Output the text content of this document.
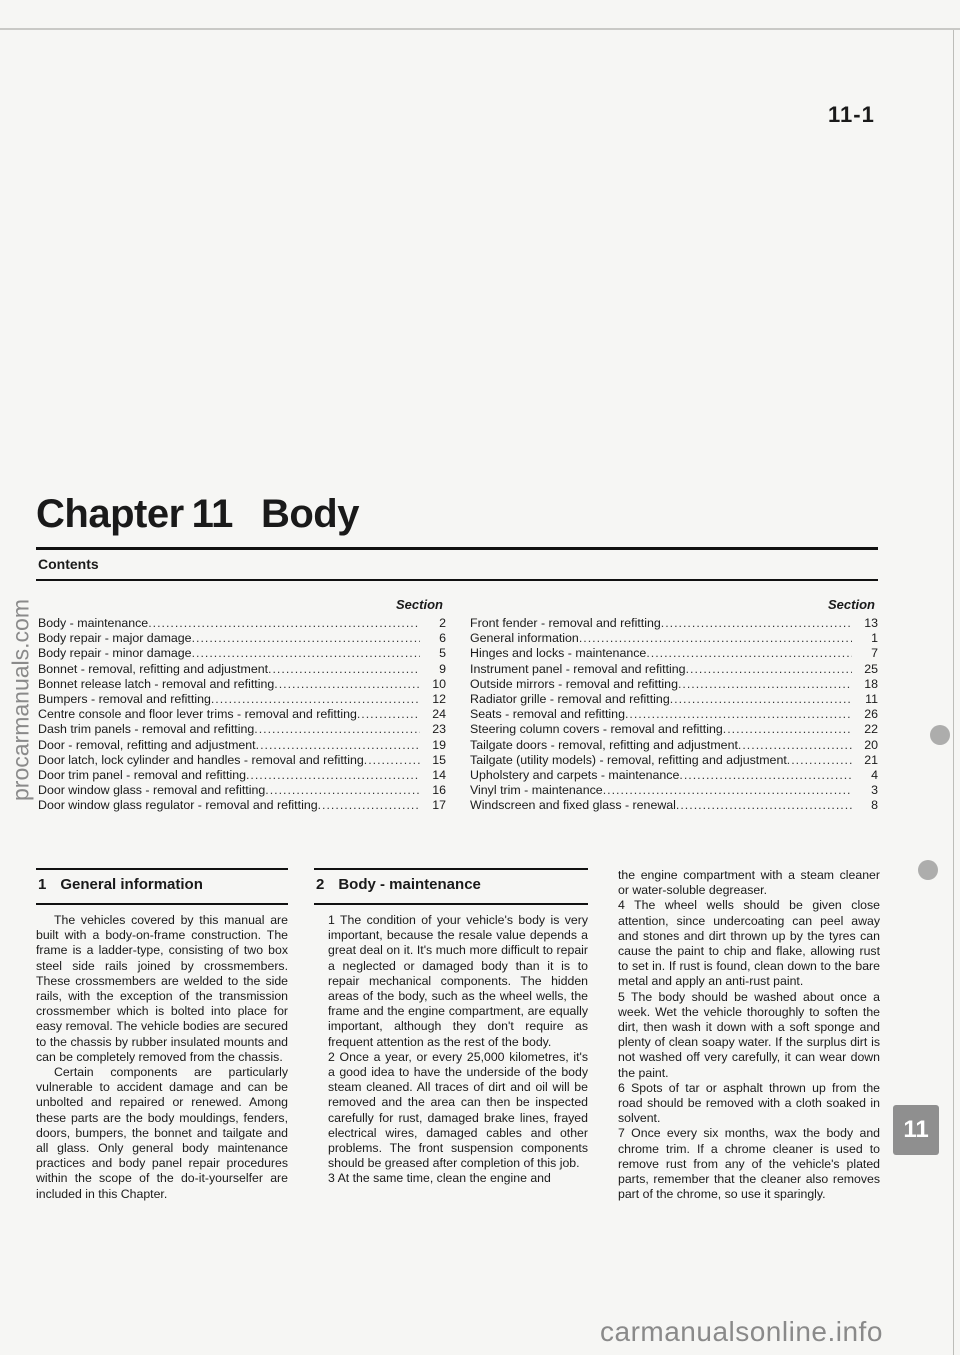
11-1
Chapter 11 Body
Contents
Section	Section
Body - maintenance .....	2
Body repair - major damage .....	6
Body repair - minor damage .....	5
Bonnet - removal, refitting and adjustment .....	9
Bonnet release latch - removal and refitting .....	10
Bumpers - removal and refitting .....	12
Centre console and floor lever trims - removal and refitting .....	24
Dash trim panels - removal and refitting .....	23
Door - removal, refitting and adjustment .....	19
Door latch, lock cylinder and handles - removal and refitting .....	15
Door trim panel - removal and refitting .....	14
Door window glass - removal and refitting .....	16
Door window glass regulator - removal and refitting .....	17
Front fender - removal and refitting .....	13
General information .....	1
Hinges and locks - maintenance .....	7
Instrument panel - removal and refitting .....	25
Outside mirrors - removal and refitting .....	18
Radiator grille - removal and refitting .....	11
Seats - removal and refitting .....	26
Steering column covers - removal and refitting .....	22
Tailgate doors - removal, refitting and adjustment .....	20
Tailgate (utility models) - removal, refitting and adjustment .....	21
Upholstery and carpets - maintenance .....	4
Vinyl trim - maintenance .....	3
Windscreen and fixed glass - renewal .....	8
1 General information	2 Body - maintenance

The vehicles covered by this manual are built with a body-on-frame construction. The frame is a ladder-type, consisting of two box steel side rails joined by crossmembers. These crossmembers are welded to the side rails, with the exception of the transmission crossmember which is bolted into place for easy removal. The vehicle bodies are secured to the chassis by rubber insulated mounts and can be completely removed from the chassis.

Certain components are particularly vulnerable to accident damage and can be unbolted and repaired or renewed. Among these parts are the body mouldings, fenders, doors, bumpers, the bonnet and tailgate and all glass. Only general body maintenance practices and body panel repair procedures within the scope of the do-it-yourselfer are included in this Chapter.

1 The condition of your vehicle's body is very important, because the resale value depends a great deal on it. It's much more difficult to repair a neglected or damaged body than it is to repair mechanical components. The hidden areas of the body, such as the wheel wells, the frame and the engine compartment, are equally important, although they don't require as frequent attention as the rest of the body.

2 Once a year, or every 25,000 kilometres, it's a good idea to have the underside of the body steam cleaned. All traces of dirt and oil will be removed and the area can then be inspected carefully for rust, damaged brake lines, frayed electrical wires, damaged cables and other problems. The front suspension components should be greased after completion of this job.

3 At the same time, clean the engine and

the engine compartment with a steam cleaner or water-soluble degreaser.

4 The wheel wells should be given close attention, since undercoating can peel away and stones and dirt thrown up by the tyres can cause the paint to chip and flake, allowing rust to set in. If rust is found, clean down to the bare metal and apply an anti-rust paint.

5 The body should be washed about once a week. Wet the vehicle thoroughly to soften the dirt, then wash it down with a soft sponge and plenty of clean soapy water. If the surplus dirt is not washed off very carefully, it can wear down the paint.

6 Spots of tar or asphalt thrown up from the road should be removed with a cloth soaked in solvent.

7 Once every six months, wax the body and chrome trim. If a chrome cleaner is used to remove rust from any of the vehicle's plated parts, remember that the cleaner also removes part of the chrome, so use it sparingly.

procarmanuals.com
11
carmanualsonline.info
